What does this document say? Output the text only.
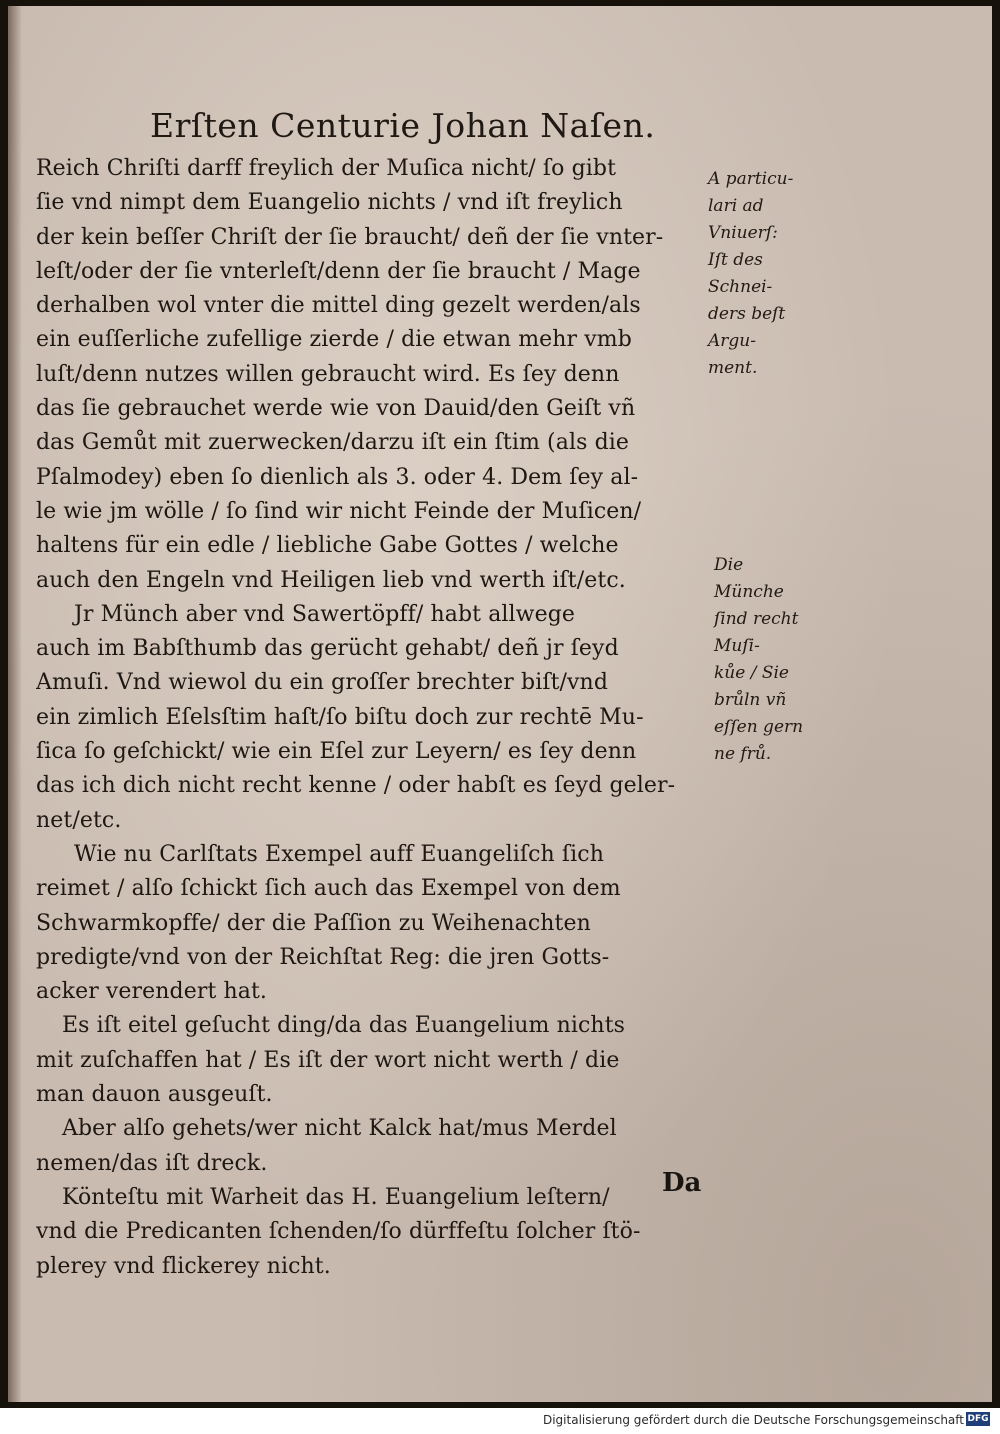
Erſten Centurie Johan Naſen.
Reich Chriſti darff freylich der Muſica nicht/ ſo gibt
ſie vnd nimpt dem Euangelio nichts / vnd iſt freylich
der kein beſſer Chriſt der ſie braucht/ deñ der ſie vnter-
leſt/oder der ſie vnterleſt/denn der ſie braucht / Mage
derhalben wol vnter die mittel ding gezelt werden/als
ein euſſerliche zufellige zierde / die etwan mehr vmb
luſt/denn nutzes willen gebraucht wird. Es ſey denn
das ſie gebrauchet werde wie von Dauid/den Geiſt vñ
das Gemůt mit zuerwecken/darzu iſt ein ſtim (als die
Pſalmodey) eben ſo dienlich als 3. oder 4. Dem ſey al-
le wie jm wölle / ſo ſind wir nicht Feinde der Muſicen/
haltens für ein edle / liebliche Gabe Gottes / welche
auch den Engeln vnd Heiligen lieb vnd werth iſt/etc.
Jr Münch aber vnd Sawertöpff/ habt allwege
auch im Babſthumb das gerücht gehabt/ deñ jr ſeyd
Amuſi. Vnd wiewol du ein groſſer brechter biſt/vnd
ein zimlich Eſelsſtim haſt/ſo biſtu doch zur rechtē Mu-
ſica ſo geſchickt/ wie ein Eſel zur Leyern/ es ſey denn
das ich dich nicht recht kenne / oder habſt es ſeyd geler-
net/etc.
Wie nu Carlſtats Exempel auff Euangeliſch ſich
reimet / alſo ſchickt ſich auch das Exempel von dem
Schwarmkopffe/ der die Paſſion zu Weihenachten
predigte/vnd von der Reichſtat Reg: die jren Gotts-
acker verendert hat.
Es iſt eitel geſucht ding/da das Euangelium nichts
mit zuſchaffen hat / Es iſt der wort nicht werth / die
man dauon ausgeuſt.
Aber alſo gehets/wer nicht Kalck hat/mus Merdel
nemen/das iſt dreck.
Könteſtu mit Warheit das H. Euangelium leſtern/
vnd die Predicanten ſchenden/ſo dürffeſtu ſolcher ſtö-
plerey vnd flickerey nicht.
A particu-
lari ad
Vniuerſ:
Iſt des
Schnei-
ders beſt
Argu-
ment.
Die
Münche
ſind recht
Muſi-
kůe / Sie
brůln vñ
eſſen gern
ne frů.
Da
Digitalisierung gefördert durch die Deutsche Forschungsgemeinschaft DFG
